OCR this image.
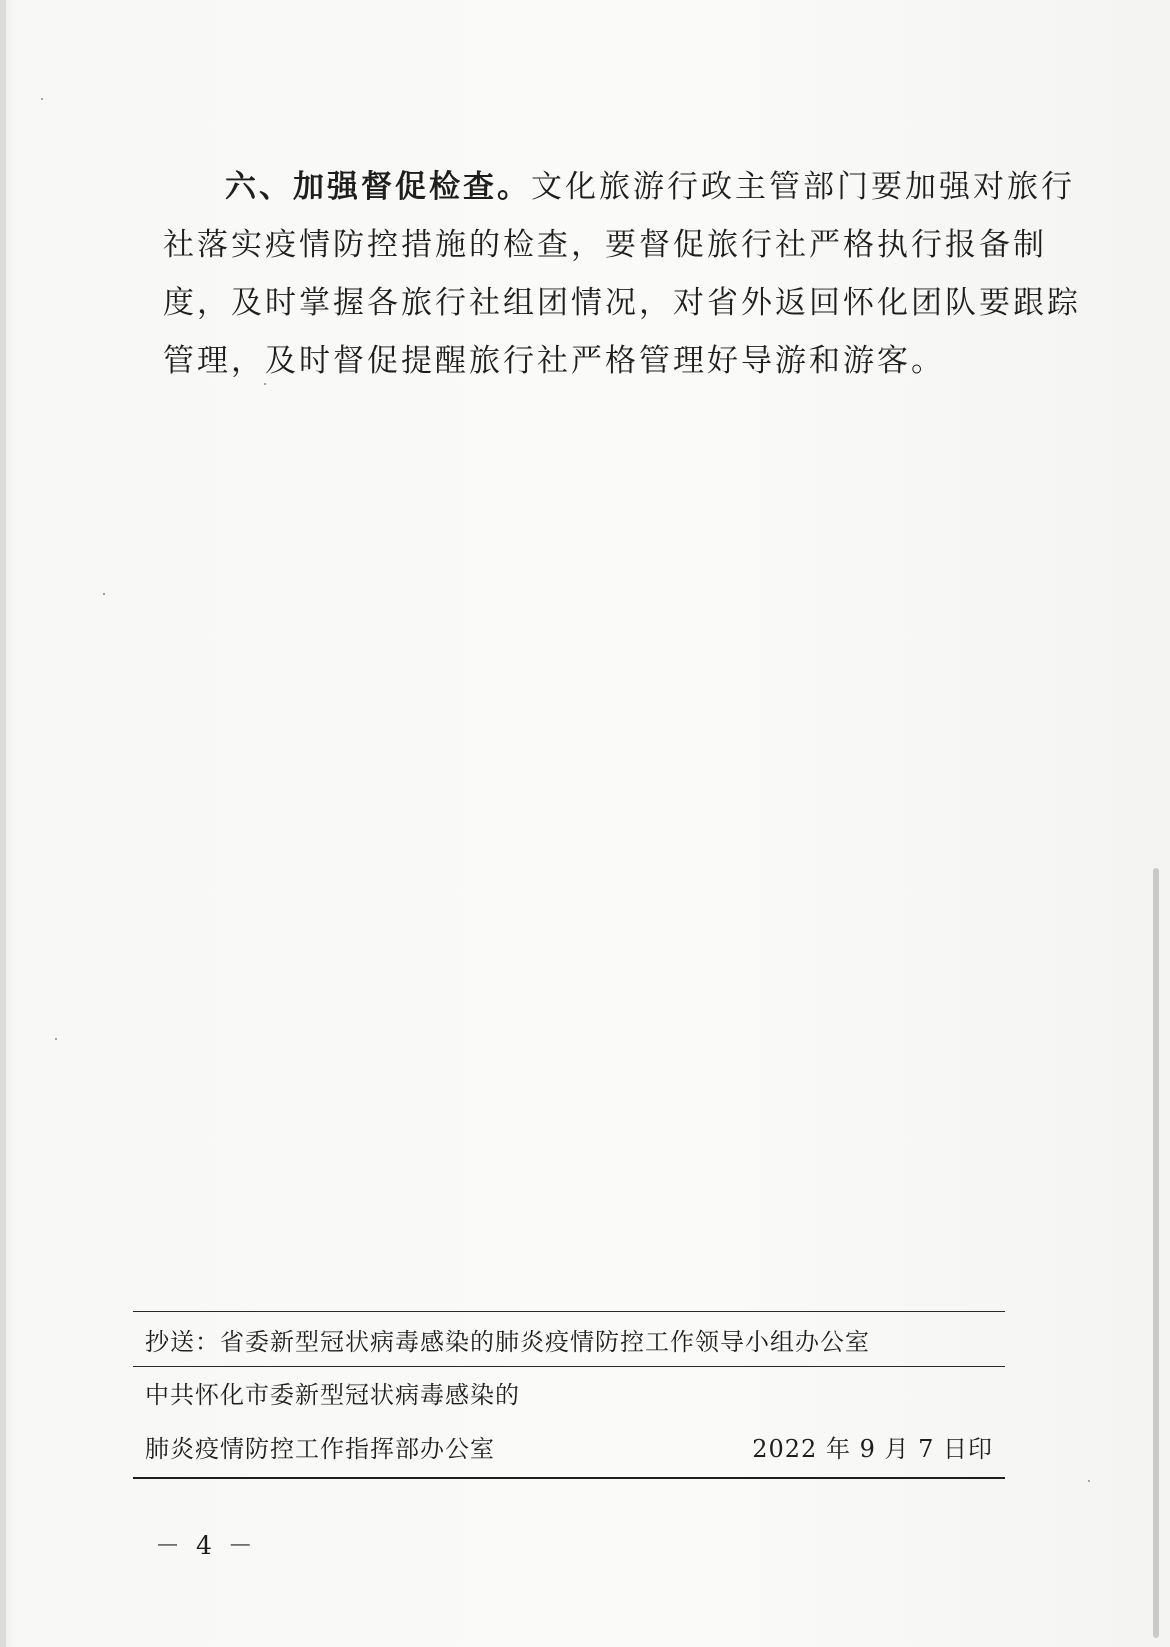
六、加强督促检查。文化旅游行政主管部门要加强对旅行
社落实疫情防控措施的检查，要督促旅行社严格执行报备制
度，及时掌握各旅行社组团情况，对省外返回怀化团队要跟踪
管理，及时督促提醒旅行社严格管理好导游和游客。

抄送：省委新型冠状病毒感染的肺炎疫情防控工作领导小组办公室
中共怀化市委新型冠状病毒感染的
肺炎疫情防控工作指挥部办公室	2022 年 9 月 7 日印
－ 4 －
